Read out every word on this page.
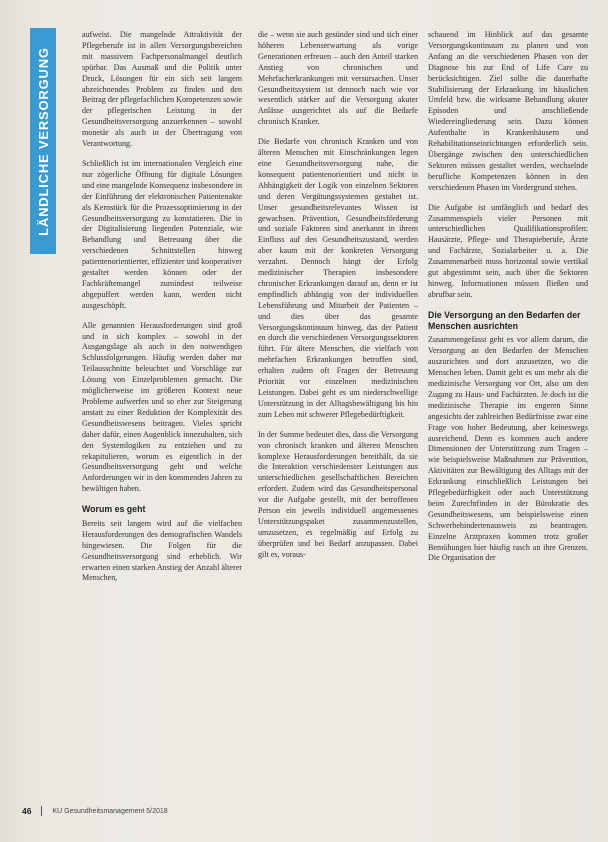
LÄNDLICHE VERSORGUNG

aufweist. Die mangelnde Attraktivität der Pflegeberufe ist in allen Versorgungsbereichen mit massivem Fachpersonalmangel deutlich spürbar. Das Ausmaß und die Politik unter Druck, Lösungen für ein sich seit langem abzeichnendes Problem zu finden und den Beitrag der pflegefachlichen Kompetenzen sowie der pflegerischen Leistung in der Gesundheitsversorgung anzuerkennen – sowohl monetär als auch in der Übertragung von Verantwortung.

Schließlich ist im internationalen Vergleich eine nur zögerliche Öffnung für digitale Lösungen und eine mangelnde Konsequenz insbesondere in der Einführung der elektronischen Patientenakte als Kernstück für die Prozessoptimierung in der Gesundheitsversorgung zu konstatieren. Die in der Digitalisierung liegenden Potenziale, wie Behandlung und Betreuung über die verschiedenen Schnittstellen hinweg patientenorientierter, effizienter und kooperativer gestaltet werden können oder der Fachkräftemangel zumindest teilweise abgepuffert werden kann, werden nicht ausgeschöpft.

Alle genannten Herausforderungen sind groß und in sich komplex – sowohl in der Ausgangslage als auch in den notwendigen Schlussfolgerungen. Häufig werden daher nur Teilausschnitte beleuchtet und Vorschläge zur Lösung von Einzelproblemen gemacht. Die möglicherweise im größeren Kontext neue Probleme aufwerfen und so eher zur Steigerung anstatt zu einer Reduktion der Komplexität des Gesundheitswesens beitragen. Vieles spricht daher dafür, einen Augenblick innezuhalten, sich den Systemlogiken zu entziehen und zu rekapitulieren, worum es eigentlich in der Gesundheitsversorgung geht und welche Anforderungen wir in den kommenden Jahren zu bewältigen haben.

Worum es geht

Bereits seit langem wird auf die vielfachen Herausforderungen des demografischen Wandels hingewiesen. Die Folgen für die Gesundheitsversorgung sind erheblich. Wir erwarten einen starken Anstieg der Anzahl älterer Menschen,

die – wenn sie auch gesünder sind und sich einer höheren Lebenserwartung als vorige Generationen erfreuen – auch den Anteil starken Anstieg von chronischen und Mehrfacherkrankungen mit versursachen. Unser Gesundheitssystem ist dennoch nach wie vor wesentlich stärker auf die Versorgung akuter Anlässe ausgerichtet als auf die Bedarfe chronisch Kranker.

Die Bedarfe von chronisch Kranken und von älteren Menschen mit Einschränkungen legen eine Gesundheitsversorgung nahe, die konsequent patientenorientiert und nicht in Abhängigkeit der Logik von einzelnen Sektoren und deren Vergütungssystemen gestaltet ist. Unser gesundheitsrelevantes Wissen ist gewachsen. Prävention, Gesundheitsförderung und soziale Faktoren sind anerkannt in ihrem Einfluss auf den Gesundheitszustand, werden aber kaum mit der konkreten Versorgung verzahnt. Dennoch hängt der Erfolg medizinischer Therapien insbesondere chronischer Erkrankungen darauf an, denn er ist empfindlich abhängig von der individuellen Lebensführung und Mitarbeit der Patienten – und dies über das gesamte Versorgungskontinuum hinweg, das der Patient en durch die verschiedenen Versorgungssektoren führt. Für ältere Menschen, die vielfach von mehrfachen Erkrankungen betroffen sind, erhalten zudem oft Fragen der Betreuung Priorität vor einzelnen medizinischen Leistungen. Dabei geht es um niederschwellige Unterstützung in der Alltagsbewältigung bis hin zum Leben mit schwerer Pflegebedürftigkeit.

In der Summe bedeutet dies, dass die Versorgung von chronisch kranken und älteren Menschen komplexe Herausforderungen bereithält, da sie die Interaktion verschiedenster Leistungen aus unterschiedlichen gesellschaftlichen Bereichen erfordert. Zudem wird das Gesundheitspersonal vor die Aufgabe gestellt, mit der betroffenen Person ein jeweils individuell angemessenes Unterstützungspaket zusammenzustellen, umzusetzen, es regelmäßig auf Erfolg zu überprüfen und bei Bedarf anzupassen. Dabei gilt es, voraus-

schauend im Hinblick auf das gesamte Versorgungskontinuum zu planen und von Anfang an die verschiedenen Phasen von der Diagnose bis zur End of Life Care zu berücksichtigen. Ziel sollte die dauerhafte Stabilisierung der Erkrankung im häuslichen Umfeld bzw. die wirksame Behandlung akuter Episoden und anschließende Wiedereingliederung sein. Dazu können Aufenthalte in Krankenhäusern und Rehabilitationseinrichtungen erforderlich sein. Übergänge zwischen den unterschiedlichen Sektoren müssen gestaltet werden, wechselnde berufliche Kompetenzen können in den verschiedenen Phasen im Vordergrund stehen.

Die Aufgabe ist umfänglich und bedarf des Zusammenspiels vieler Personen mit unterschiedlichen Qualifikationsprofilen: Hausärzte, Pflege- und Therapieberufe, Ärzte und Fachärzte, Sozialarbeiter u. a. Die Zusammenarbeit muss horizontal sowie vertikal gut abgestimmt sein, auch über die Sektoren hinweg. Informationen müssen fließen und abrufbar sein.

Die Versorgung an den Bedarfen der Menschen ausrichten

Zusammengefasst geht es vor allem darum, die Versorgung an den Bedarfen der Menschen auszurichten und dort anzusetzen, wo die Menschen leben. Damit geht es um mehr als die medizinische Versorgung vor Ort, also um den Zugang zu Haus- und Fachärzten. Je doch ist die medizinische Therapie im engeren Sinne angesichts der zahlreichen Bedürfnisse zwar eine Frage von hoher Bedeutung, aber keineswegs ausreichend. Denn es kommen auch andere Dimensionen der Unterstützung zum Tragen – wie beispielsweise Maßnahmen zur Prävention, Aktivitäten zur Bewältigung des Alltags mit der Erkrankung einschließlich Leistungen bei Pflegebedürftigkeit oder auch Unterstützung beim Zurechtfinden in der Bürokratie des Gesundheitswesens, um beispielsweise einen Schwerbehindertenausweis zu beantragen. Einzelne Arztpraxen kommen trotz großer Bemühungen hier häufig rasch an ihre Grenzen. Die Organisation der

46	KU Gesundheitsmanagement 5/2018
